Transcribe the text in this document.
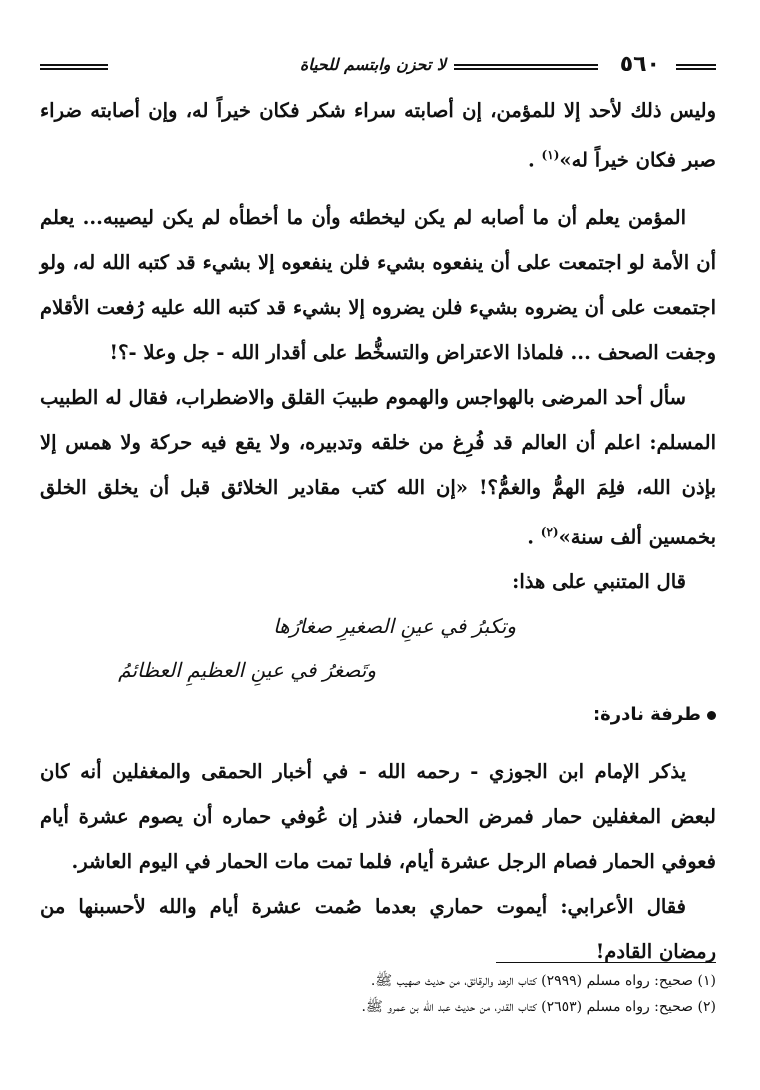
٥٦٠
لا تحزن وابتسم للحياة

وليس ذلك لأحد إلا للمؤمن، إن أصابته سراء شكر فكان خيراً له، وإن أصابته ضراء صبر فكان خيراً له»$^{(١)}$ .

المؤمن يعلم أن ما أصابه لم يكن ليخطئه وأن ما أخطأه لم يكن ليصيبه... يعلم أن الأمة لو اجتمعت على أن ينفعوه بشيء فلن ينفعوه إلا بشيء قد كتبه الله له، ولو اجتمعت على أن يضروه بشيء فلن يضروه إلا بشيء قد كتبه الله عليه رُفعت الأقلام وجفت الصحف ... فلماذا الاعتراض والتسخُّط على أقدار الله - جل وعلا -؟!

سأل أحد المرضى بالهواجس والهموم طبيبَ القلق والاضطراب، فقال له الطبيب المسلم: اعلم أن العالم قد فُرِغ من خلقه وتدبيره، ولا يقع فيه حركة ولا همس إلا بإذن الله، فلِمَ الهمُّ والغمُّ؟! «إن الله كتب مقادير الخلائق قبل أن يخلق الخلق بخمسين ألف سنة»$^{(٢)}$ .

قال المتنبي على هذا:

وتكبرُ في عينِ الصغيرِ صغارُها
وتَصغرُ في عينِ العظيمِ العظائمُ

طرفة نادرة:

يذكر الإمام ابن الجوزي - رحمه الله - في أخبار الحمقى والمغفلين أنه كان لبعض المغفلين حمار فمرض الحمار، فنذر إن عُوفي حماره أن يصوم عشرة أيام فعوفي الحمار فصام الرجل عشرة أيام، فلما تمت مات الحمار في اليوم العاشر.

فقال الأعرابي: أيموت حماري بعدما صُمت عشرة أيام والله لأحسبنها من رمضان القادم!

(١) صحيح: رواه مسلم (٢٩٩٩) كتاب الزهد والرقائق، من حديث صهيب ﷺ.

(٢) صحيح: رواه مسلم (٢٦٥٣) كتاب القدر، من حديث عبد الله بن عمرو ﷺ.
